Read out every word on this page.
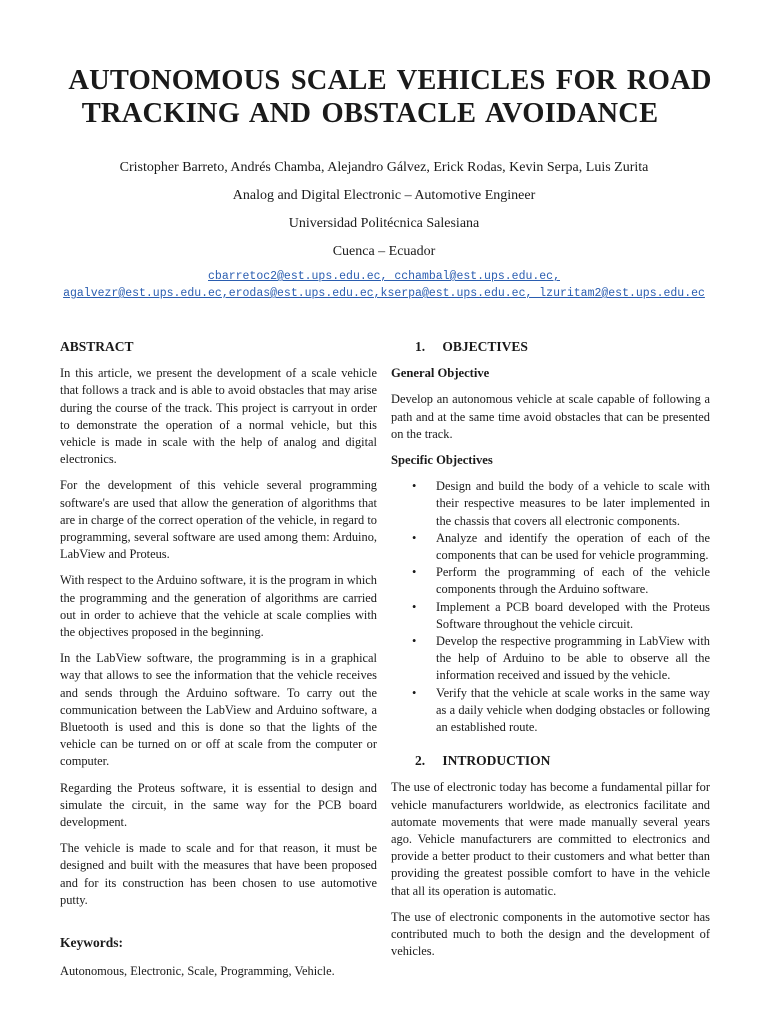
AUTONOMOUS SCALE VEHICLES FOR ROAD
TRACKING AND OBSTACLE AVOIDANCE
Cristopher Barreto, Andrés Chamba, Alejandro Gálvez, Erick Rodas, Kevin Serpa, Luis Zurita
Analog and Digital Electronic – Automotive Engineer
Universidad Politécnica Salesiana
Cuenca – Ecuador
cbarretoc2@est.ups.edu.ec, cchambal@est.ups.edu.ec,
agalvezr@est.ups.edu.ec,erodas@est.ups.edu.ec,kserpa@est.ups.edu.ec, lzuritam2@est.ups.edu.ec
ABSTRACT

In this article, we present the development of a scale vehicle that follows a track and is able to avoid obstacles that may arise during the course of the track. This project is carryout in order to demonstrate the operation of a normal vehicle, but this vehicle is made in scale with the help of analog and digital electronics.

For the development of this vehicle several programming software's are used that allow the generation of algorithms that are in charge of the correct operation of the vehicle, in regard to programming, several software are used among them: Arduino, LabView and Proteus.

With respect to the Arduino software, it is the program in which the programming and the generation of algorithms are carried out in order to achieve that the vehicle at scale complies with the objectives proposed in the beginning.

In the LabView software, the programming is in a graphical way that allows to see the information that the vehicle receives and sends through the Arduino software. To carry out the communication between the LabView and Arduino software, a Bluetooth is used and this is done so that the lights of the vehicle can be turned on or off at scale from the computer or computer.

Regarding the Proteus software, it is essential to design and simulate the circuit, in the same way for the PCB board development.

The vehicle is made to scale and for that reason, it must be designed and built with the measures that have been proposed and for its construction has been chosen to use automotive putty.

Keywords:

Autonomous, Electronic, Scale, Programming, Vehicle.

1. OBJECTIVES
General Objective

Develop an autonomous vehicle at scale capable of following a path and at the same time avoid obstacles that can be presented on the track.

Specific Objectives
• Design and build the body of a vehicle to scale with their respective measures to be later implemented in the chassis that covers all electronic components.
• Analyze and identify the operation of each of the components that can be used for vehicle programming.
• Perform the programming of each of the vehicle components through the Arduino software.
• Implement a PCB board developed with the Proteus Software throughout the vehicle circuit.
• Develop the respective programming in LabView with the help of Arduino to be able to observe all the information received and issued by the vehicle.
• Verify that the vehicle at scale works in the same way as a daily vehicle when dodging obstacles or following an established route.
2. INTRODUCTION

The use of electronic today has become a fundamental pillar for vehicle manufacturers worldwide, as electronics facilitate and automate movements that were made manually several years ago. Vehicle manufacturers are committed to electronics and provide a better product to their customers and what better than providing the greatest possible comfort to have in the vehicle that all its operation is automatic.

The use of electronic components in the automotive sector has contributed much to both the design and the development of vehicles.
